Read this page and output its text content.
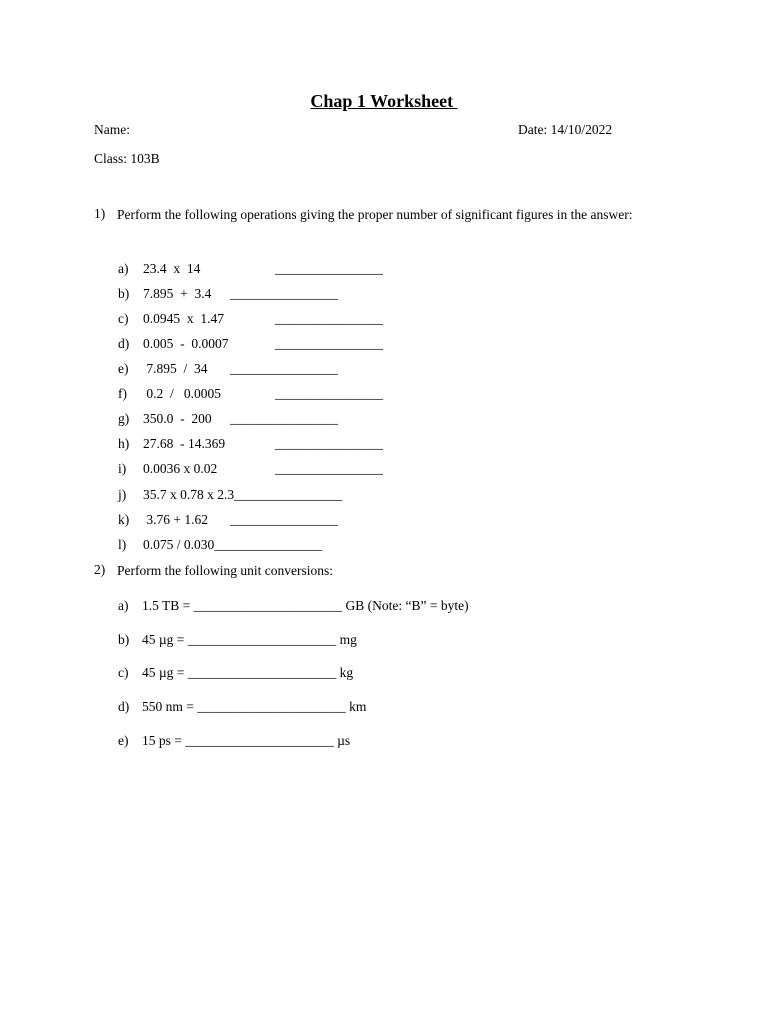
Chap 1 Worksheet
Name:	Date: 14/10/2022
Class: 103B
1) Perform the following operations giving the proper number of significant figures in the answer:
a) 23.4  x  14	________________
b) 7.895  +  3.4 ________________
c) 0.0945  x  1.47	________________
d) 0.005  -  0.0007	________________
e) 7.895  /  34 ________________
f) 0.2  /   0.0005	________________
g) 350.0  -  200 ________________
h) 27.68  - 14.369	________________
i) 0.0036 x 0.02	________________
j) 35.7 x 0.78 x 2.3________________
k) 3.76 + 1.62 ________________
l) 0.075 / 0.030________________
2) Perform the following unit conversions:
a) 1.5 TB = ______________________ GB (Note: “B” = byte)
b) 45 µg = ______________________ mg
c) 45 µg = ______________________ kg
d) 550 nm = ______________________ km
e) 15 ps = ______________________ µs
